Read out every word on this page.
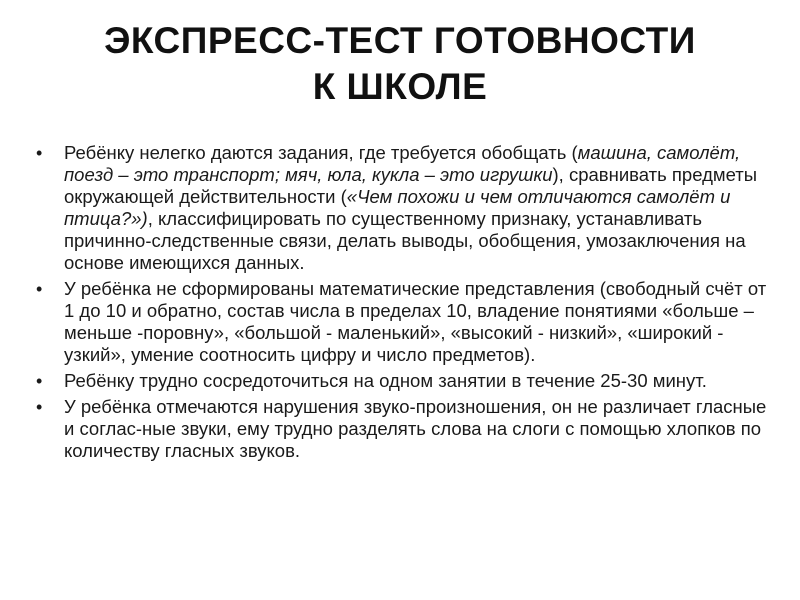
ЭКСПРЕСС-ТЕСТ ГОТОВНОСТИ
К ШКОЛЕ
• Ребёнку нелегко даются задания, где требуется обобщать (машина, самолёт, поезд – это транспорт; мяч, юла, кукла – это игрушки), сравнивать предметы окружающей действительности («Чем похожи и чем отличаются самолёт и птица?»), классифицировать по существенному признаку, устанавливать причинно-следственные связи, делать выводы, обобщения, умозаключения на основе имеющихся данных.
• У ребёнка не сформированы математические представления (свободный счёт от 1 до 10 и обратно, состав числа в пределах 10, владение понятиями «больше – меньше -поровну», «большой - маленький», «высокий - низкий», «широкий - узкий», умение соотносить цифру и число предметов).
• Ребёнку трудно сосредоточиться на одном занятии в течение 25-30 минут.
• У ребёнка отмечаются нарушения звуко-произношения, он не различает гласные и соглас-ные звуки, ему трудно разделять слова на слоги с помощью хлопков по количеству гласных звуков.
